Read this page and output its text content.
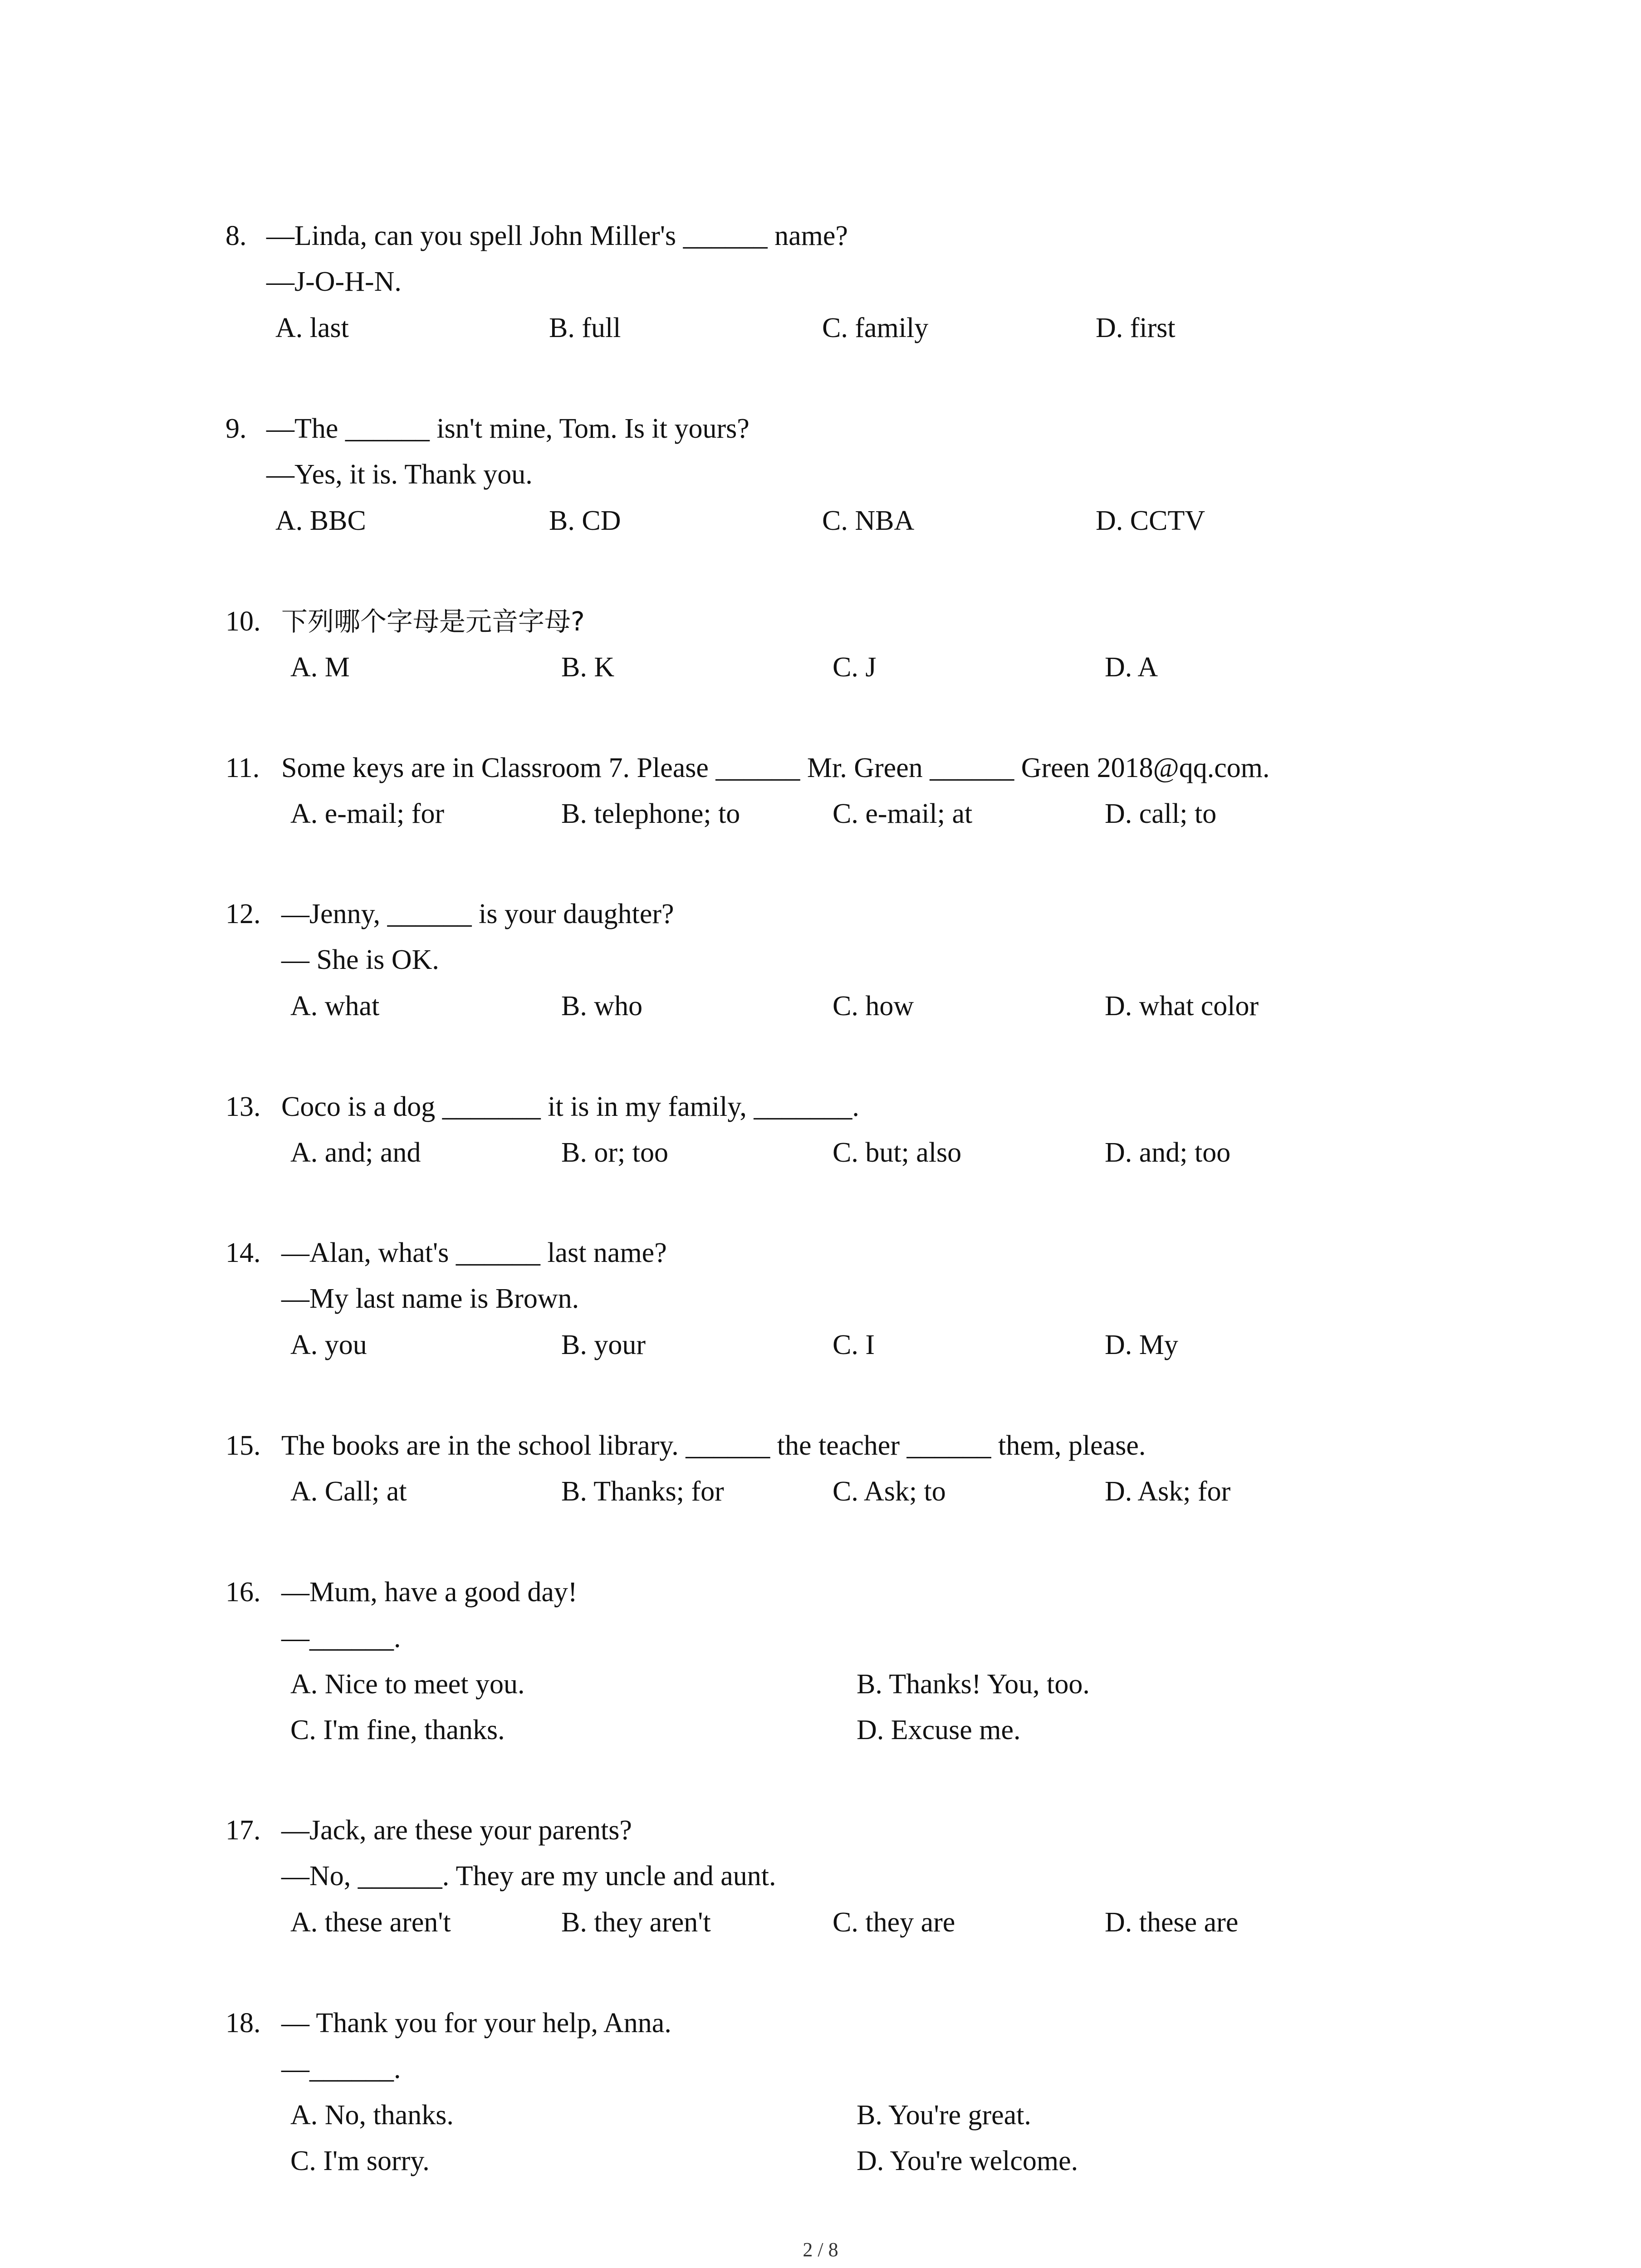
8. —Linda, can you spell John Miller's ______ name?
—J-O-H-N.
A. last	B. full	C. family	D. first
9. —The ______ isn't mine, Tom. Is it yours?
—Yes, it is. Thank you.
A. BBC	B. CD	C. NBA	D. CCTV
10. 下列哪个字母是元音字母?
A. M	B. K	C. J	D. A
11. Some keys are in Classroom 7. Please ______ Mr. Green ______ Green 2018@qq.com.
A. e-mail; for	B. telephone; to	C. e-mail; at	D. call; to
12. —Jenny, ______ is your daughter?
— She is OK.
A. what	B. who	C. how	D. what color
13. Coco is a dog _______ it is in my family, _______.
A. and; and	B. or; too	C. but; also	D. and; too
14. —Alan, what's ______ last name?
—My last name is Brown.
A. you	B. your	C. I	D. My
15. The books are in the school library. ______ the teacher ______ them, please.
A. Call; at	B. Thanks; for	C. Ask; to	D. Ask; for
16. —Mum, have a good day!
—______.
A. Nice to meet you.	B. Thanks! You, too.
C. I'm fine, thanks.	D. Excuse me.
17. —Jack, are these your parents?
—No, ______. They are my uncle and aunt.
A. these aren't	B. they aren't	C. they are	D. these are
18. — Thank you for your help, Anna.
—______.
A. No, thanks.	B. You're great.
C. I'm sorry.	D. You're welcome.
2 / 8
